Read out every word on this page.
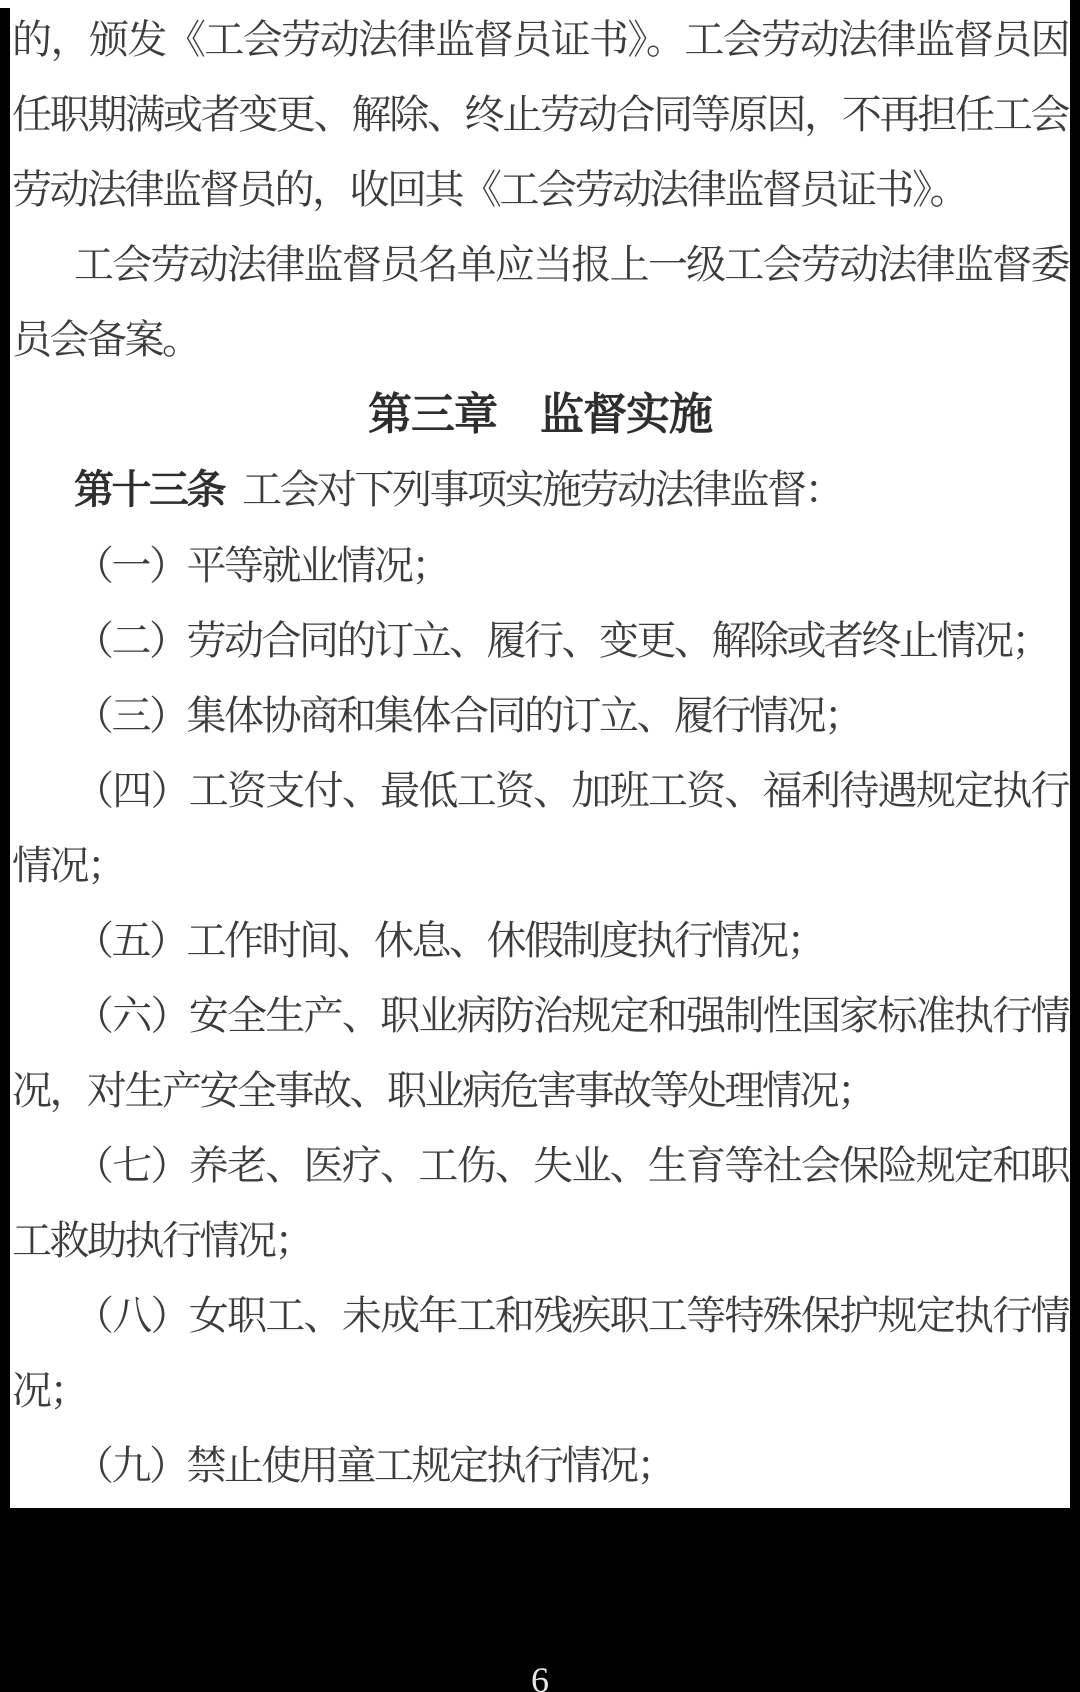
的，颁发《工会劳动法律监督员证书》。工会劳动法律监督员因任职期满或者变更、解除、终止劳动合同等原因，不再担任工会劳动法律监督员的，收回其《工会劳动法律监督员证书》。

工会劳动法律监督员名单应当报上一级工会劳动法律监督委员会备案。

第三章　监督实施

第十三条 工会对下列事项实施劳动法律监督：

（一）平等就业情况；

（二）劳动合同的订立、履行、变更、解除或者终止情况；

（三）集体协商和集体合同的订立、履行情况；

（四）工资支付、最低工资、加班工资、福利待遇规定执行情况；

（五）工作时间、休息、休假制度执行情况；

（六）安全生产、职业病防治规定和强制性国家标准执行情况，对生产安全事故、职业病危害事故等处理情况；

（七）养老、医疗、工伤、失业、生育等社会保险规定和职工救助执行情况；

（八）女职工、未成年工和残疾职工等特殊保护规定执行情况；

（九）禁止使用童工规定执行情况；

6
